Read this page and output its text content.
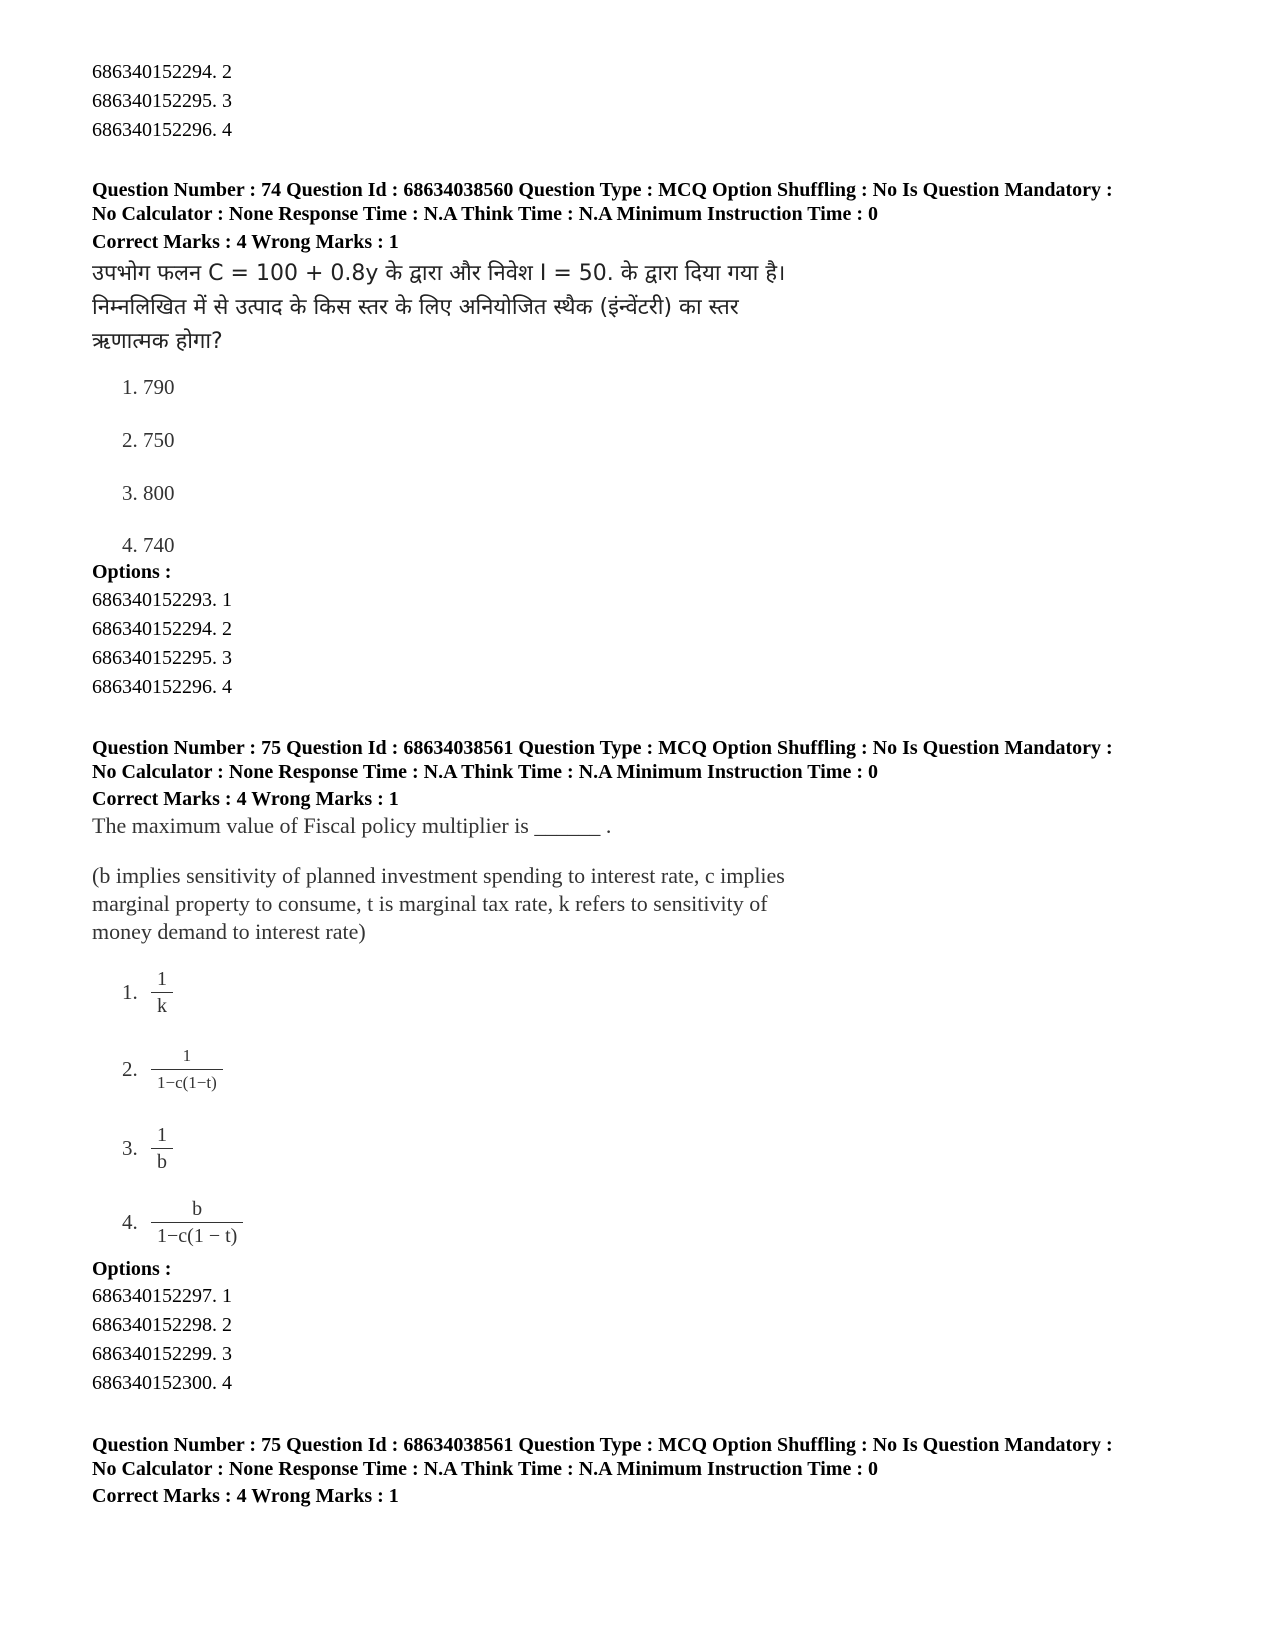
686340152294. 2
686340152295. 3
686340152296. 4
Question Number : 74 Question Id : 68634038560 Question Type : MCQ Option Shuffling : No Is Question Mandatory :
No Calculator : None Response Time : N.A Think Time : N.A Minimum Instruction Time : 0
Correct Marks : 4 Wrong Marks : 1
उपभोग फलन C = 100 + 0.8y के द्वारा और निवेश I = 50. के द्वारा दिया गया है।
निम्नलिखित में से उत्पाद के किस स्तर के लिए अनियोजित स्थैक (इंन्वेंटरी) का स्तर
ऋणात्मक होगा?
1. 790
2. 750
3. 800
4. 740
Options :
686340152293. 1
686340152294. 2
686340152295. 3
686340152296. 4
Question Number : 75 Question Id : 68634038561 Question Type : MCQ Option Shuffling : No Is Question Mandatory :
No Calculator : None Response Time : N.A Think Time : N.A Minimum Instruction Time : 0
Correct Marks : 4 Wrong Marks : 1
The maximum value of Fiscal policy multiplier is ______ .
(b implies sensitivity of planned investment spending to interest rate, c implies
marginal property to consume, t is marginal tax rate, k refers to sensitivity of
money demand to interest rate)
1. $\frac{1}{k}$
2. $\frac{1}{1-c(1-t)}$
3. $\frac{1}{b}$
4. $\frac{b}{1-c(1 - t)}$
Options :
686340152297. 1
686340152298. 2
686340152299. 3
686340152300. 4
Question Number : 75 Question Id : 68634038561 Question Type : MCQ Option Shuffling : No Is Question Mandatory :
No Calculator : None Response Time : N.A Think Time : N.A Minimum Instruction Time : 0
Correct Marks : 4 Wrong Marks : 1
